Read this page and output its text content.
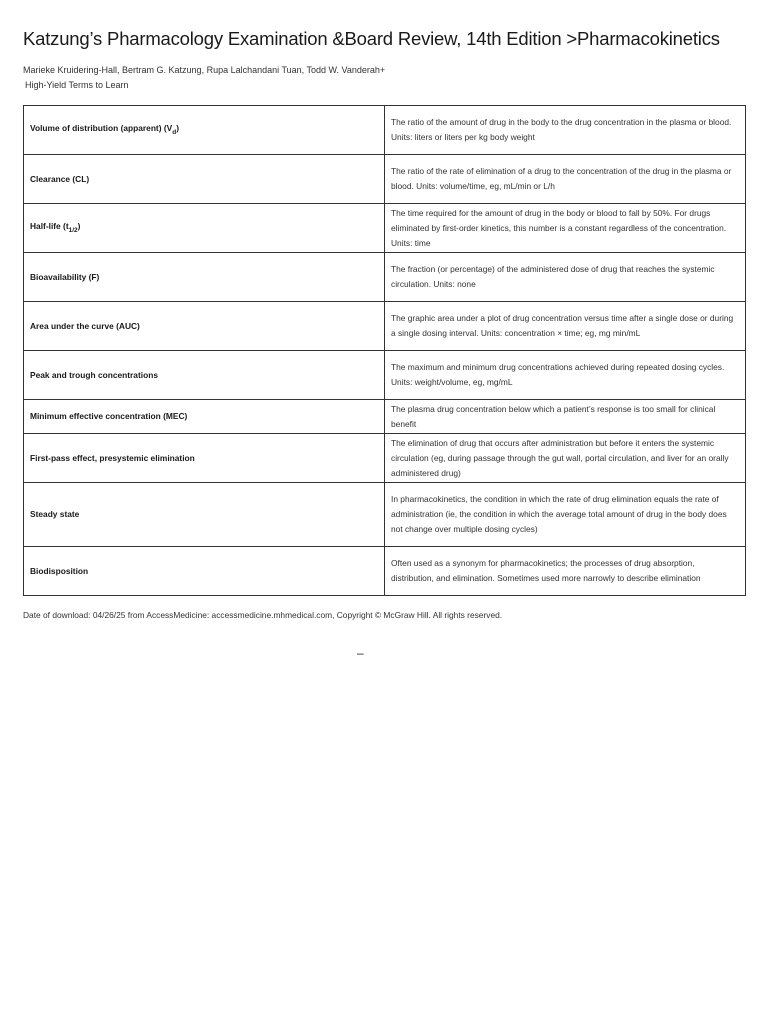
Katzung’s Pharmacology Examination &Board Review, 14th Edition >Pharmacokinetics
Marieke Kruidering-Hall, Bertram G. Katzung, Rupa Lalchandani Tuan, Todd W. Vanderah+
High-Yield Terms to Learn
Volume of distribution (apparent) $(V_d)$	The ratio of the amount of drug in the body to the drug concentration in the plasma or blood. Units: liters or liters per kg body weight
Clearance (CL)	The ratio of the rate of elimination of a drug to the concentration of the drug in the plasma or blood. Units: volume/time, eg, mL/min or L/h
Half-life $(t_{1/2})$	The time required for the amount of drug in the body or blood to fall by 50%. For drugs eliminated by first-order kinetics, this number is a constant regardless of the concentration. Units: time
Bioavailability (F)	The fraction (or percentage) of the administered dose of drug that reaches the systemic circulation. Units: none
Area under the curve (AUC)	The graphic area under a plot of drug concentration versus time after a single dose or during a single dosing interval. Units: concentration × time; eg, mg min/mL
Peak and trough concentrations	The maximum and minimum drug concentrations achieved during repeated dosing cycles. Units: weight/volume, eg, mg/mL
Minimum effective concentration (MEC)	The plasma drug concentration below which a patient’s response is too small for clinical benefit
First-pass effect, presystemic elimination	The elimination of drug that occurs after administration but before it enters the systemic circulation (eg, during passage through the gut wall, portal circulation, and liver for an orally administered drug)
Steady state	In pharmacokinetics, the condition in which the rate of drug elimination equals the rate of administration (ie, the condition in which the average total amount of drug in the body does not change over multiple dosing cycles)
Biodisposition	Often used as a synonym for pharmacokinetics; the processes of drug absorption, distribution, and elimination. Sometimes used more narrowly to describe elimination
Date of download: 04/26/25 from AccessMedicine: accessmedicine.mhmedical.com, Copyright © McGraw Hill. All rights reserved.
–
